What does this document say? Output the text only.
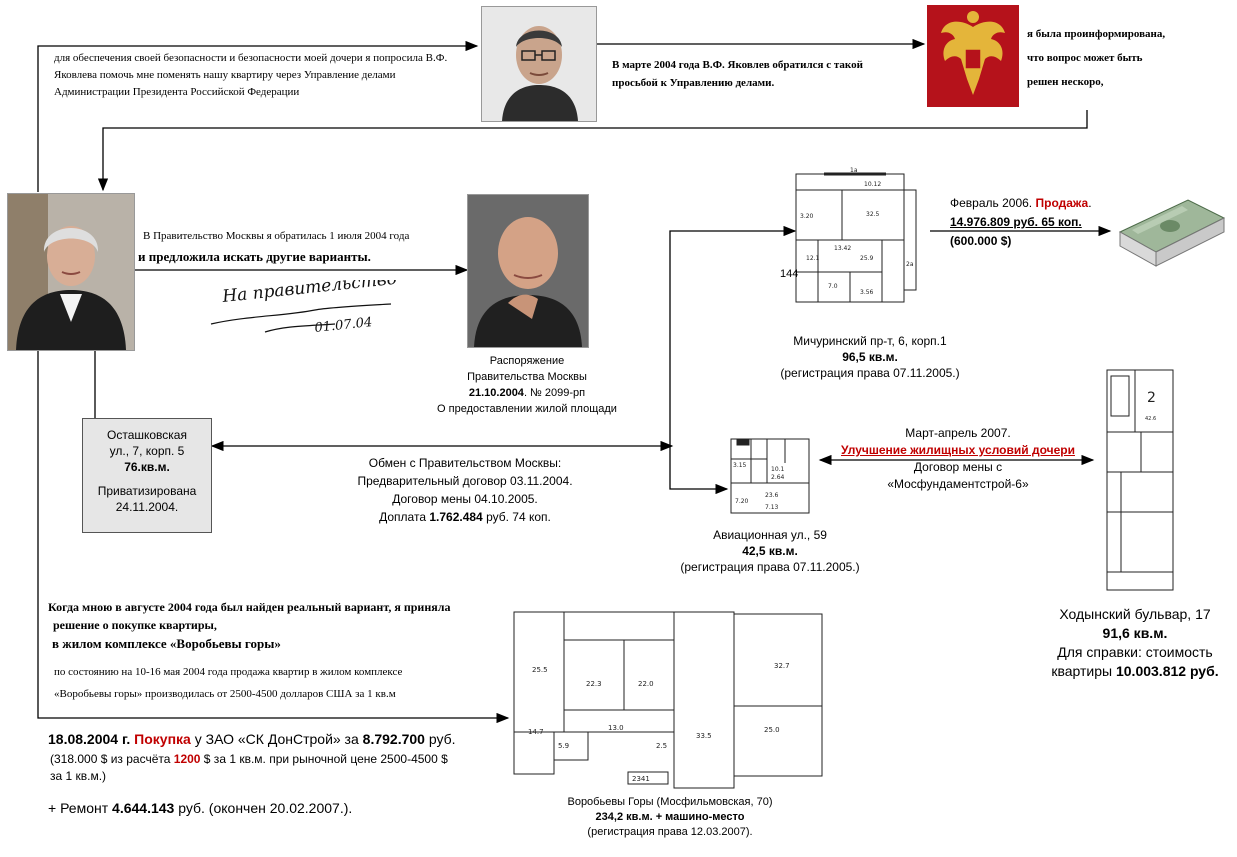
для обеспечения своей безопасности и безопасности моей дочери я попросила В.Ф. Яковлева помочь мне поменять нашу квартиру через Управление делами Администрации Президента Российской Федерации
В марте 2004 года В.Ф. Яковлев обратился с такой просьбой к Управлению делами.
я была проинформирована,
что вопрос может быть
решен нескоро,
В Правительство Москвы я обратилась 1 июля 2004 года
и предложила искать другие варианты.
На правительство
01.07.04
Распоряжение
Правительства Москвы
21.10.2004. № 2099-рп
О предоставлении жилой площади
Осташковская
ул., 7, корп. 5
76.кв.м.
Приватизирована
24.11.2004.
Обмен с Правительством Москвы:
Предварительный договор 03.11.2004.
Договор мены 04.10.2005.
Доплата 1.762.484 руб. 74 коп.
1а
10.12
3.20	32.5
13.42
12.1	25.9
7.0
3.56
2а
144
Мичуринский пр-т, 6, корп.1
96,5 кв.м.
(регистрация права 07.11.2005.)
Февраль 2006. Продажа.
14.976.809 руб. 65 коп.
(600.000 $)
3.15
10.1
2.64
23.6
7.13
7.20
Авиационная ул., 59
42,5 кв.м.
(регистрация права 07.11.2005.)
Март-апрель 2007.
Улучшение жилищных условий дочери
Договор мены с
«Мосфундаментстрой-6»
2
42.6
Ходынский бульвар, 17
91,6 кв.м.
Для справки: стоимость
квартиры 10.003.812 руб.
Когда мною в августе 2004 года был найден реальный вариант, я приняла
решение о покупке квартиры,
в жилом комплексе «Воробьевы горы»
по состоянию на 10-16 мая 2004 года продажа квартир в жилом комплексе
«Воробьевы горы» производилась от 2500-4500 долларов США за 1 кв.м
18.08.2004 г. Покупка у ЗАО «СК ДонСтрой» за 8.792.700 руб.
(318.000 $ из расчёта 1200 $ за 1 кв.м. при рыночной цене 2500-4500 $ за 1 кв.м.)
+ Ремонт 4.644.143 руб. (окончен 20.02.2007.).
25.5
22.3	22.0
32.7
13.0
33.5
25.0
14.7
5.9	2.5
2341
Воробьевы Горы (Мосфильмовская, 70)
234,2 кв.м. + машино-место
(регистрация права 12.03.2007).
